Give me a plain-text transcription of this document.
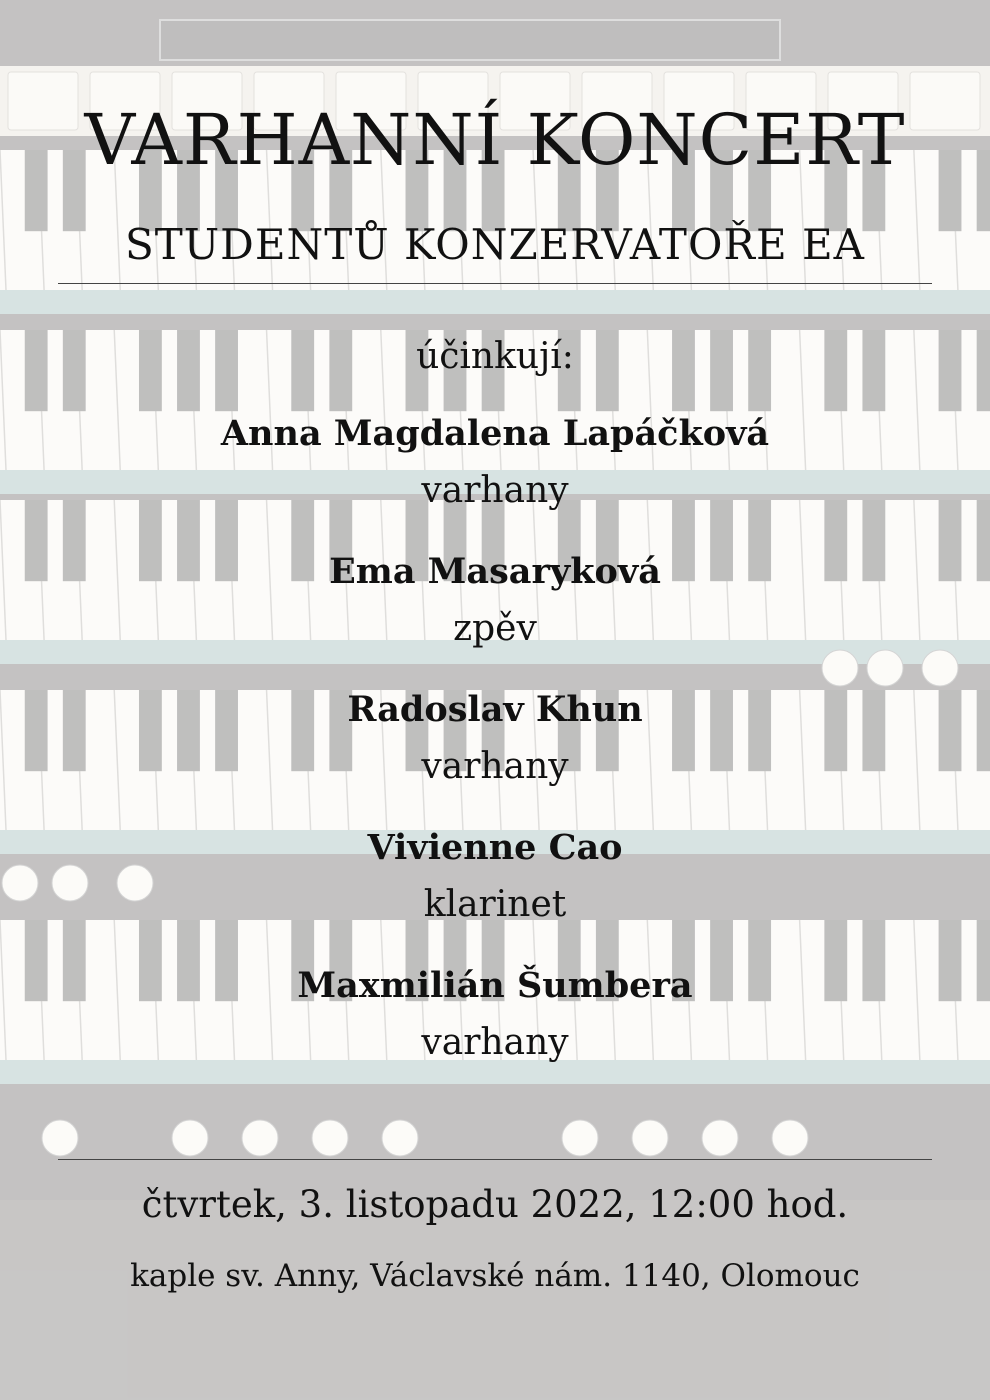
VARHANNÍ KONCERT
STUDENTŮ KONZERVATOŘE EA
účinkují:
Anna Magdalena Lapáčková
varhany
Ema Masaryková
zpěv
Radoslav Khun
varhany
Vivienne Cao
klarinet
Maxmilián Šumbera
varhany
čtvrtek, 3. listopadu 2022, 12:00 hod.
kaple sv. Anny, Václavské nám. 1140, Olomouc
